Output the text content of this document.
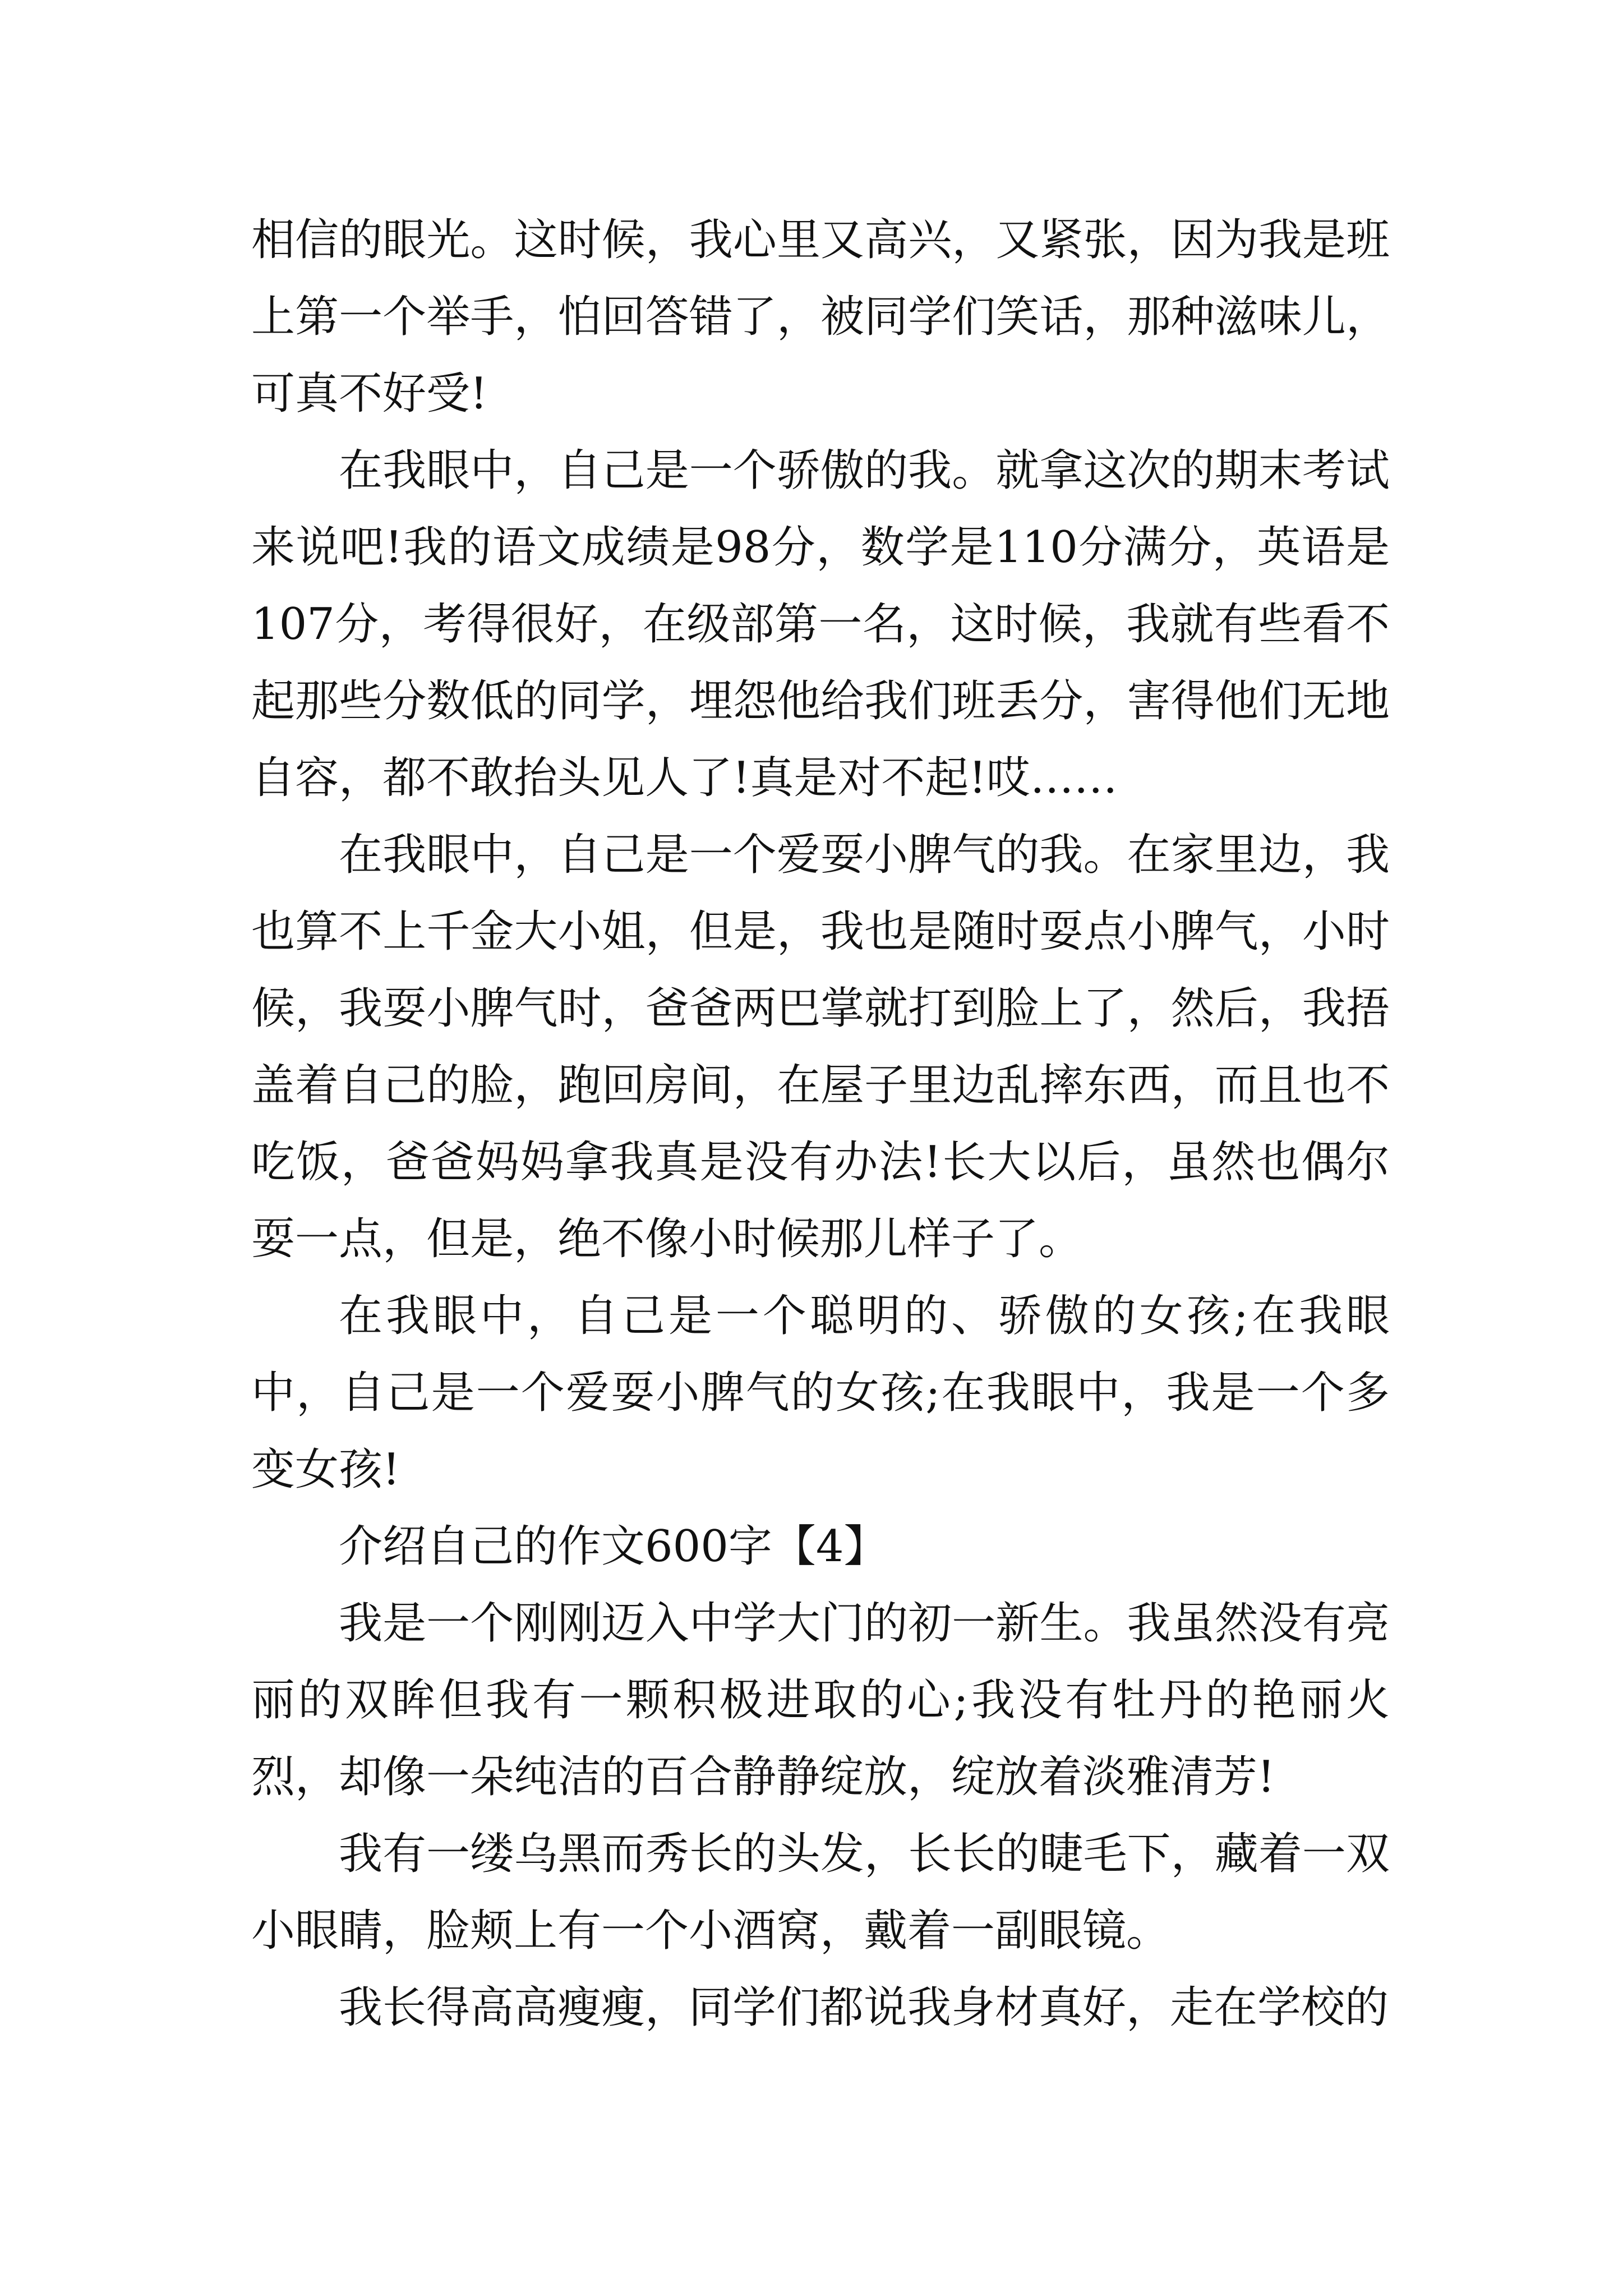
相信的眼光。这时候，我心里又高兴，又紧张，因为我是班上第一个举手，怕回答错了，被同学们笑话，那种滋味儿，可真不好受!

在我眼中，自己是一个骄傲的我。就拿这次的期末考试来说吧!我的语文成绩是98分，数学是110分满分，英语是107分，考得很好，在级部第一名，这时候，我就有些看不起那些分数低的同学，埋怨他给我们班丢分，害得他们无地自容，都不敢抬头见人了!真是对不起!哎……

在我眼中，自己是一个爱耍小脾气的我。在家里边，我也算不上千金大小姐，但是，我也是随时耍点小脾气，小时候，我耍小脾气时，爸爸两巴掌就打到脸上了，然后，我捂盖着自己的脸，跑回房间，在屋子里边乱摔东西，而且也不吃饭，爸爸妈妈拿我真是没有办法!长大以后，虽然也偶尔耍一点，但是，绝不像小时候那儿样子了。

在我眼中，自己是一个聪明的、骄傲的女孩;在我眼中，自己是一个爱耍小脾气的女孩;在我眼中，我是一个多变女孩!

介绍自己的作文600字【4】

我是一个刚刚迈入中学大门的初一新生。我虽然没有亮丽的双眸但我有一颗积极进取的心;我没有牡丹的艳丽火烈，却像一朵纯洁的百合静静绽放，绽放着淡雅清芳!

我有一缕乌黑而秀长的头发，长长的睫毛下，藏着一双小眼睛，脸颊上有一个小酒窝，戴着一副眼镜。

我长得高高瘦瘦，同学们都说我身材真好，走在学校的
